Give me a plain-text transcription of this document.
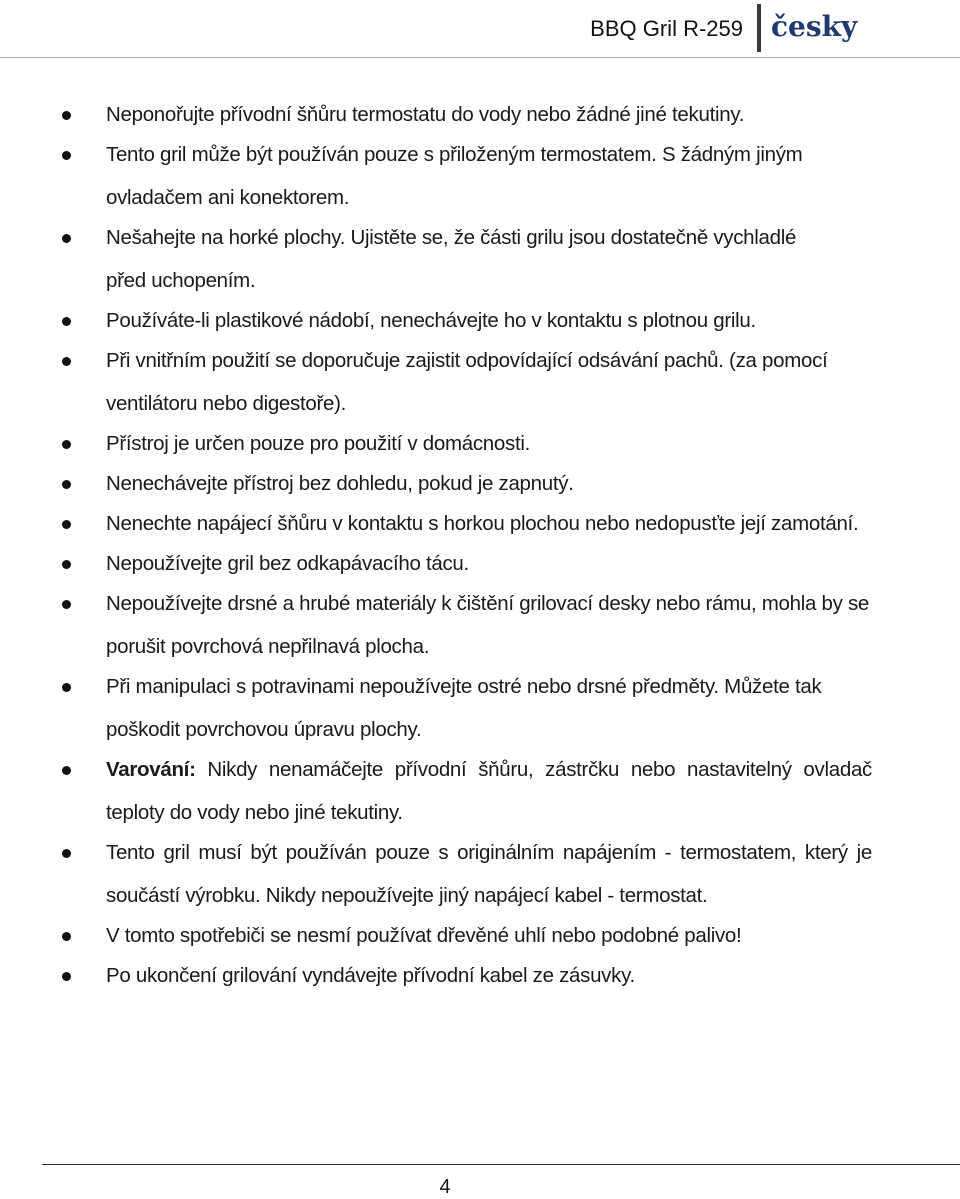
BBQ Gril R-259 česky
Neponořujte přívodní šňůru termostatu do vody nebo žádné jiné tekutiny.
Tento gril může být používán pouze s přiloženým termostatem. S žádným jiným ovladačem ani konektorem.
Nešahejte na horké plochy. Ujistěte se, že části grilu jsou dostatečně vychladlé před uchopením.
Používáte-li plastikové nádobí, nenechávejte ho v kontaktu s plotnou grilu.
Při vnitřním použití se doporučuje zajistit odpovídající odsávání pachů. (za pomocí ventilátoru nebo digestoře).
Přístroj je určen pouze pro použití v domácnosti.
Nenechávejte přístroj bez dohledu, pokud je zapnutý.
Nenechte napájecí šňůru v kontaktu s horkou plochou nebo nedopusťte její zamotání.
Nepoužívejte gril bez odkapávacího tácu.
Nepoužívejte drsné a hrubé materiály k čištění grilovací desky nebo rámu, mohla by se porušit povrchová nepřilnavá plocha.
Při manipulaci s potravinami nepoužívejte ostré nebo drsné předměty. Můžete tak poškodit povrchovou úpravu plochy.
Varování: Nikdy nenamáčejte přívodní šňůru, zástrčku nebo nastavitelný ovladač teploty do vody nebo jiné tekutiny.
Tento gril musí být používán pouze s originálním napájením - termostatem, který je součástí výrobku. Nikdy nepoužívejte jiný napájecí kabel - termostat.
V tomto spotřebiči se nesmí používat dřevěné uhlí nebo podobné palivo!
Po ukončení grilování vyndávejte přívodní kabel ze zásuvky.
4
